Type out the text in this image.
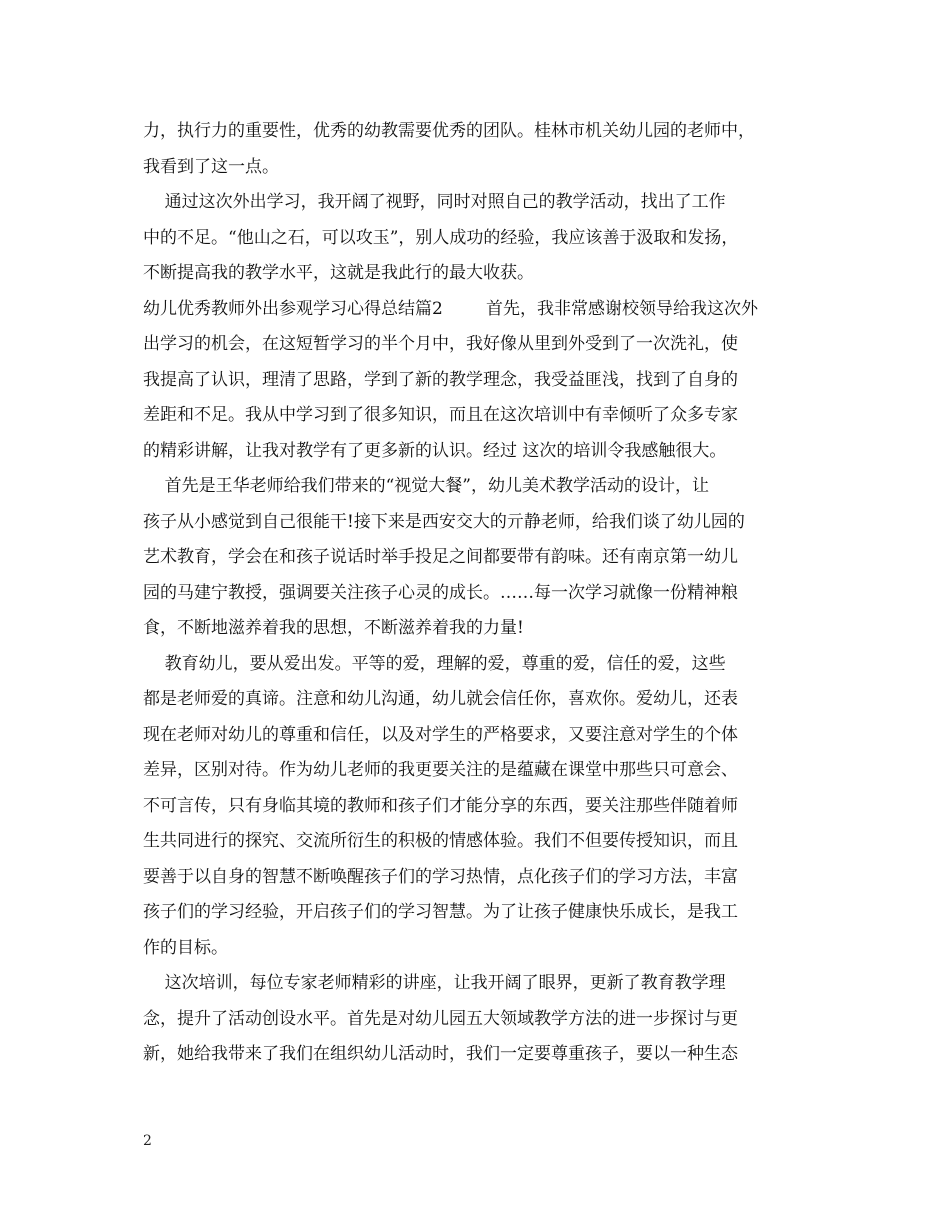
力，执行力的重要性，优秀的幼教需要优秀的团队。桂林市机关幼儿园的老师中，
我看到了这一点。
通过这次外出学习，我开阔了视野，同时对照自己的教学活动，找出了工作
中的不足。“他山之石，可以攻玉”，别人成功的经验，我应该善于汲取和发扬，
不断提高我的教学水平，这就是我此行的最大收获。
幼儿优秀教师外出参观学习心得总结篇2        首先，我非常感谢校领导给我这次外
出学习的机会，在这短暂学习的半个月中，我好像从里到外受到了一次洗礼，使
我提高了认识，理清了思路，学到了新的教学理念，我受益匪浅，找到了自身的
差距和不足。我从中学习到了很多知识，而且在这次培训中有幸倾听了众多专家
的精彩讲解，让我对教学有了更多新的认识。经过 这次的培训令我感触很大。
首先是王华老师给我们带来的“视觉大餐”，幼儿美术教学活动的设计，让
孩子从小感觉到自己很能干!接下来是西安交大的亓静老师，给我们谈了幼儿园的
艺术教育，学会在和孩子说话时举手投足之间都要带有韵味。还有南京第一幼儿
园的马建宁教授，强调要关注孩子心灵的成长。……每一次学习就像一份精神粮
食，不断地滋养着我的思想，不断滋养着我的力量!
教育幼儿，要从爱出发。平等的爱，理解的爱，尊重的爱，信任的爱，这些
都是老师爱的真谛。注意和幼儿沟通，幼儿就会信任你，喜欢你。爱幼儿，还表
现在老师对幼儿的尊重和信任，以及对学生的严格要求，又要注意对学生的个体
差异，区别对待。作为幼儿老师的我更要关注的是蕴藏在课堂中那些只可意会、
不可言传，只有身临其境的教师和孩子们才能分享的东西，要关注那些伴随着师
生共同进行的探究、交流所衍生的积极的情感体验。我们不但要传授知识，而且
要善于以自身的智慧不断唤醒孩子们的学习热情，点化孩子们的学习方法，丰富
孩子们的学习经验，开启孩子们的学习智慧。为了让孩子健康快乐成长，是我工
作的目标。
这次培训，每位专家老师精彩的讲座，让我开阔了眼界，更新了教育教学理
念，提升了活动创设水平。首先是对幼儿园五大领域教学方法的进一步探讨与更
新，她给我带来了我们在组织幼儿活动时，我们一定要尊重孩子，要以一种生态
2
